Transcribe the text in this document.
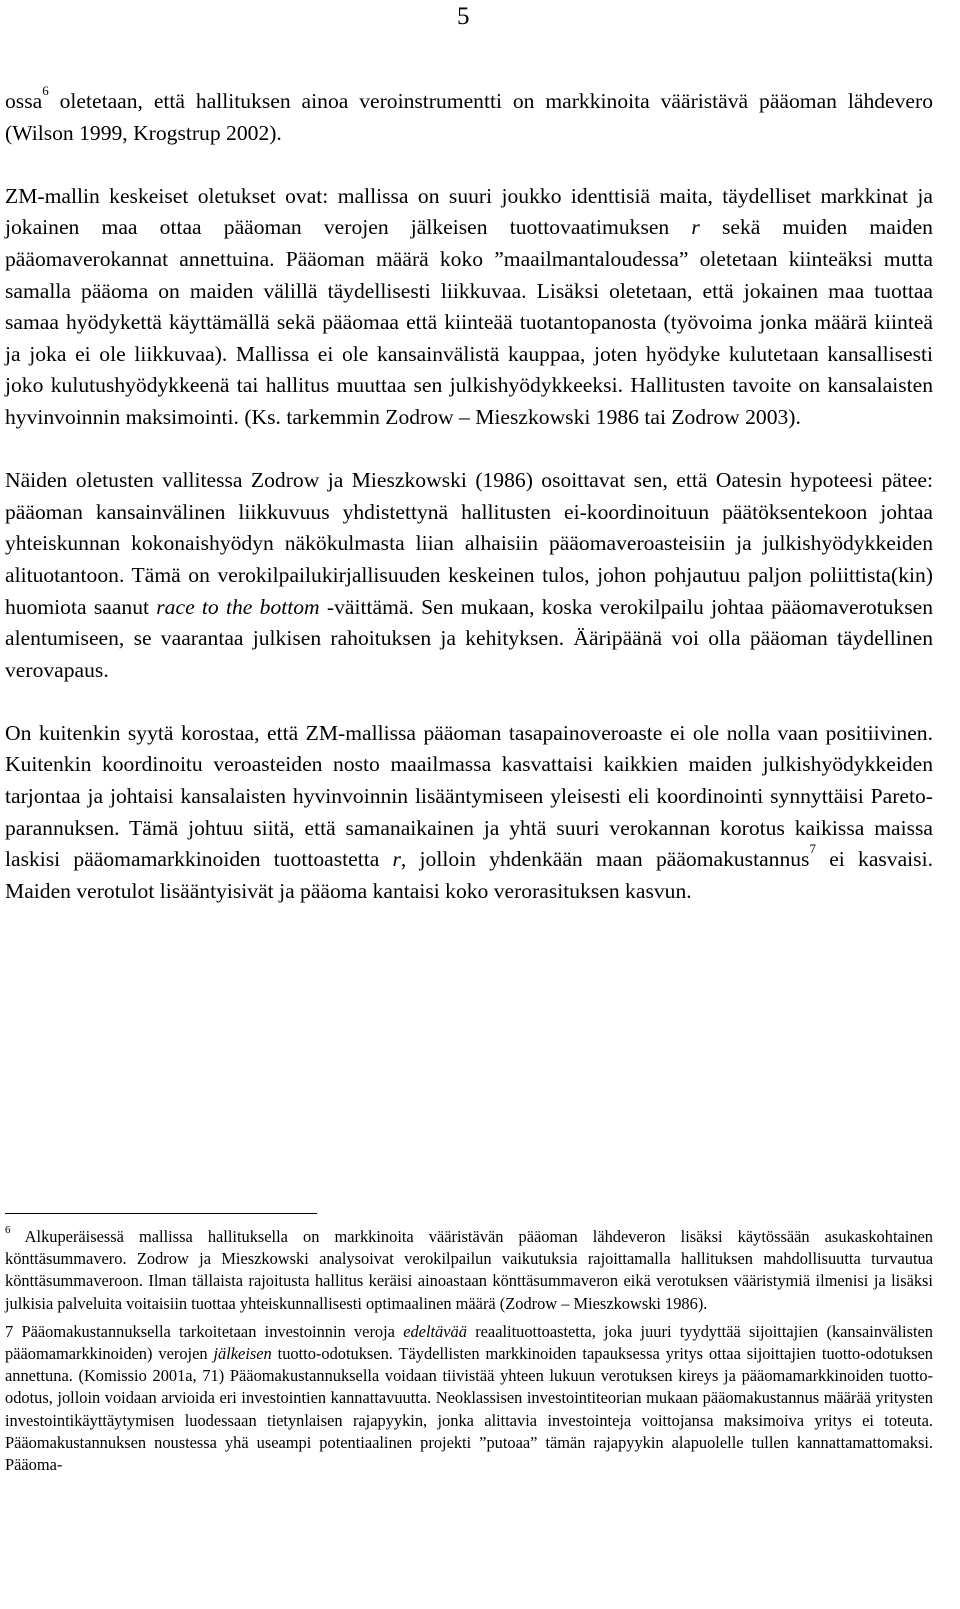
5

ossa$^6$ oletetaan, että hallituksen ainoa veroinstrumentti on markkinoita vääristävä pääoman lähdevero (Wilson 1999, Krogstrup 2002).

ZM-mallin keskeiset oletukset ovat: mallissa on suuri joukko identtisiä maita, täydelliset markkinat ja jokainen maa ottaa pääoman verojen jälkeisen tuottovaatimuksen r sekä muiden maiden pääomaverokannat annettuina. Pääoman määrä koko ”maailmantaloudessa” oletetaan kiinteäksi mutta samalla pääoma on maiden välillä täydellisesti liikkuvaa. Lisäksi oletetaan, että jokainen maa tuottaa samaa hyödykettä käyttämällä sekä pääomaa että kiinteää tuotantopanosta (työvoima jonka määrä kiinteä ja joka ei ole liikkuvaa). Mallissa ei ole kansainvälistä kauppaa, joten hyödyke kulutetaan kansallisesti joko kulutushyödykkeenä tai hallitus muuttaa sen julkishyödykkeeksi. Hallitusten tavoite on kansalaisten hyvinvoinnin maksimointi. (Ks. tarkemmin Zodrow – Mieszkowski 1986 tai Zodrow 2003).

Näiden oletusten vallitessa Zodrow ja Mieszkowski (1986) osoittavat sen, että Oatesin hypoteesi pätee: pääoman kansainvälinen liikkuvuus yhdistettynä hallitusten ei-koordinoituun päätöksentekoon johtaa yhteiskunnan kokonaishyödyn näkökulmasta liian alhaisiin pääomaveroasteisiin ja julkishyödykkeiden alituotantoon. Tämä on verokilpailukirjallisuuden keskeinen tulos, johon pohjautuu paljon poliittista(kin) huomiota saanut race to the bottom -väittämä. Sen mukaan, koska verokilpailu johtaa pääomaverotuksen alentumiseen, se vaarantaa julkisen rahoituksen ja kehityksen. Ääripäänä voi olla pääoman täydellinen verovapaus.

On kuitenkin syytä korostaa, että ZM-mallissa pääoman tasapainoveroaste ei ole nolla vaan positiivinen. Kuitenkin koordinoitu veroasteiden nosto maailmassa kasvattaisi kaikkien maiden julkishyödykkeiden tarjontaa ja johtaisi kansalaisten hyvinvoinnin lisääntymiseen yleisesti eli koordinointi synnyttäisi Paretoparannuksen. Tämä johtuu siitä, että samanaikainen ja yhtä suuri verokannan korotus kaikissa maissa laskisi pääomamarkkinoiden tuottoastetta r, jolloin yhdenkään maan pääomakustannus$^7$ ei kasvaisi. Maiden verotulot lisääntyisivät ja pääoma kantaisi koko verorasituksen kasvun.

$^6$ Alkuperäisessä mallissa hallituksella on markkinoita vääristävän pääoman lähdeveron lisäksi käytössään asukaskohtainen könttäsummavero. Zodrow ja Mieszkowski analysoivat verokilpailun vaikutuksia rajoittamalla hallituksen mahdollisuutta turvautua könttäsummaveroon. Ilman tällaista rajoitusta hallitus keräisi ainoastaan könttäsummaveron eikä verotuksen vääristymiä ilmenisi ja lisäksi julkisia palveluita voitaisiin tuottaa yhteiskunnallisesti optimaalinen määrä (Zodrow – Mieszkowski 1986).

7 Pääomakustannuksella tarkoitetaan investoinnin veroja edeltävää reaalituottoastetta, joka juuri tyydyttää sijoittajien (kansainvälisten pääomamarkkinoiden) verojen jälkeisen tuotto-odotuksen. Täydellisten markkinoiden tapauksessa yritys ottaa sijoittajien tuotto-odotuksen annettuna. (Komissio 2001a, 71) Pääomakustannuksella voidaan tiivistää yhteen lukuun verotuksen kireys ja pääomamarkkinoiden tuottoodotus, jolloin voidaan arvioida eri investointien kannattavuutta. Neoklassisen investointiteorian mukaan pääomakustannus määrää yritysten investointikäyttäytymisen luodessaan tietynlaisen rajapyykin, jonka alittavia investointeja voittojansa maksimoiva yritys ei toteuta. Pääomakustannuksen noustessa yhä useampi potentiaalinen projekti ”putoaa” tämän rajapyykin alapuolelle tullen kannattamattomaksi. Pääoma-
